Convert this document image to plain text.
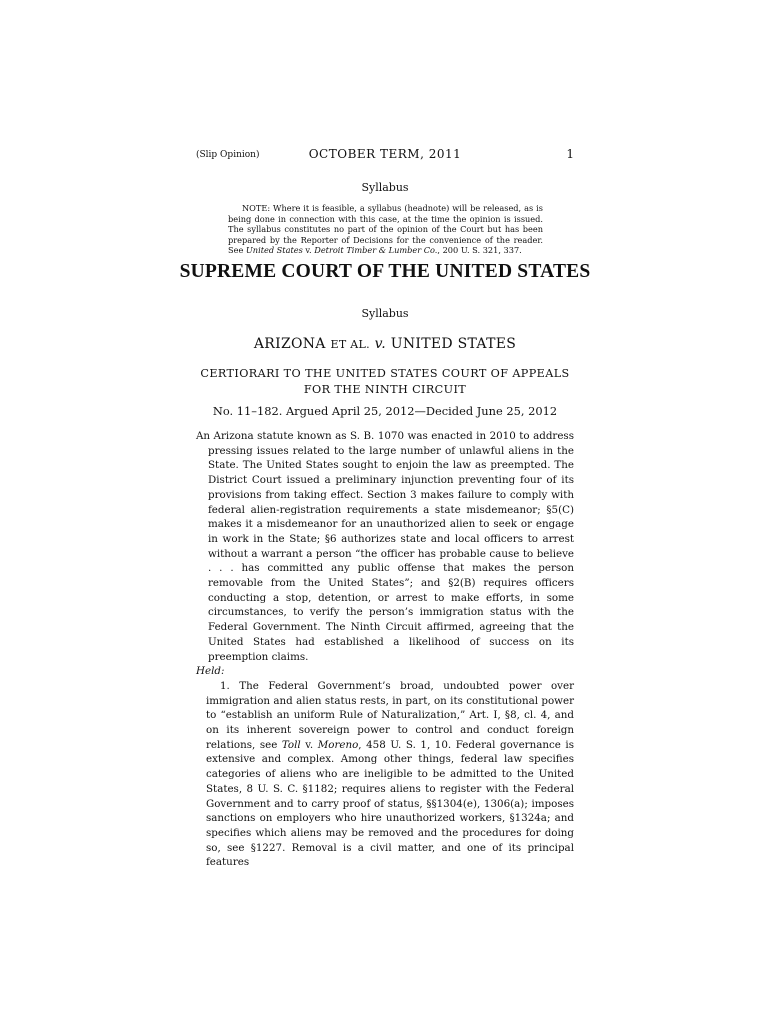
(Slip Opinion)	OCTOBER TERM, 2011	1
Syllabus
NOTE: Where it is feasible, a syllabus (headnote) will be released, as is being done in connection with this case, at the time the opinion is issued. The syllabus constitutes no part of the opinion of the Court but has been prepared by the Reporter of Decisions for the convenience of the reader. See United States v. Detroit Timber & Lumber Co., 200 U. S. 321, 337.
SUPREME COURT OF THE UNITED STATES
Syllabus
ARIZONA ET AL. v. UNITED STATES
CERTIORARI TO THE UNITED STATES COURT OF APPEALS FOR THE NINTH CIRCUIT
No. 11–182. Argued April 25, 2012—Decided June 25, 2012

An Arizona statute known as S. B. 1070 was enacted in 2010 to address pressing issues related to the large number of unlawful aliens in the State. The United States sought to enjoin the law as preempted. The District Court issued a preliminary injunction preventing four of its provisions from taking effect. Section 3 makes failure to comply with federal alien-registration requirements a state misdemeanor; §5(C) makes it a misdemeanor for an unauthorized alien to seek or engage in work in the State; §6 authorizes state and local officers to arrest without a warrant a person “the officer has probable cause to believe . . . has committed any public offense that makes the person removable from the United States”; and §2(B) requires officers conducting a stop, detention, or arrest to make efforts, in some circumstances, to verify the person’s immigration status with the Federal Government. The Ninth Circuit affirmed, agreeing that the United States had established a likelihood of success on its preemption claims.

Held:

1. The Federal Government’s broad, undoubted power over immigration and alien status rests, in part, on its constitutional power to “establish an uniform Rule of Naturalization,” Art. I, §8, cl. 4, and on its inherent sovereign power to control and conduct foreign relations, see Toll v. Moreno, 458 U. S. 1, 10. Federal governance is extensive and complex. Among other things, federal law specifies categories of aliens who are ineligible to be admitted to the United States, 8 U. S. C. §1182; requires aliens to register with the Federal Government and to carry proof of status, §§1304(e), 1306(a); imposes sanctions on employers who hire unauthorized workers, §1324a; and specifies which aliens may be removed and the procedures for doing so, see §1227. Removal is a civil matter, and one of its principal features
